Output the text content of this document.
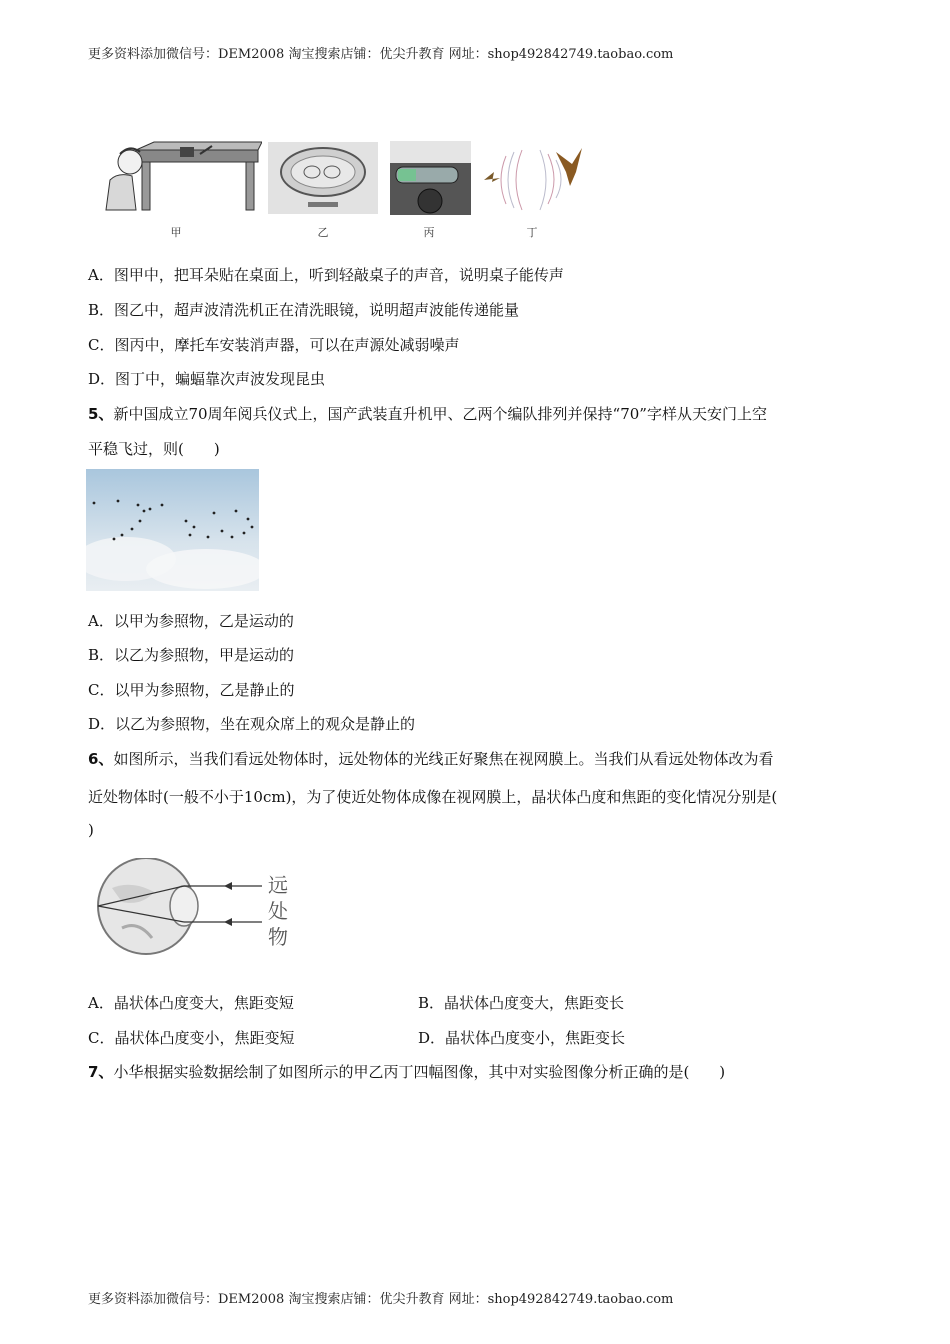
更多资料添加微信号：DEM2008 淘宝搜索店铺：优尖升教育 网址：shop492842749.taobao.com
甲	乙	丙	丁
A．图甲中，把耳朵贴在桌面上，听到轻敲桌子的声音，说明桌子能传声
B．图乙中，超声波清洗机正在清洗眼镜，说明超声波能传递能量
C．图丙中，摩托车安装消声器，可以在声源处减弱噪声
D．图丁中，蝙蝠靠次声波发现昆虫
5、新中国成立70周年阅兵仪式上，国产武装直升机甲、乙两个编队排列并保持“70”字样从天安门上空
平稳飞过，则(　　)
A．以甲为参照物，乙是运动的
B．以乙为参照物，甲是运动的
C．以甲为参照物，乙是静止的
D．以乙为参照物，坐在观众席上的观众是静止的
6、如图所示，当我们看远处物体时，远处物体的光线正好聚焦在视网膜上。当我们从看远处物体改为看
近处物体时(一般不小于10cm)，为了使近处物体成像在视网膜上，晶状体凸度和焦距的变化情况分别是(
)
远
处
物
A．晶状体凸度变大，焦距变短	B．晶状体凸度变大，焦距变长
C．晶状体凸度变小，焦距变短	D．晶状体凸度变小，焦距变长
7、小华根据实验数据绘制了如图所示的甲乙丙丁四幅图像，其中对实验图像分析正确的是(　　)
更多资料添加微信号：DEM2008 淘宝搜索店铺：优尖升教育 网址：shop492842749.taobao.com
